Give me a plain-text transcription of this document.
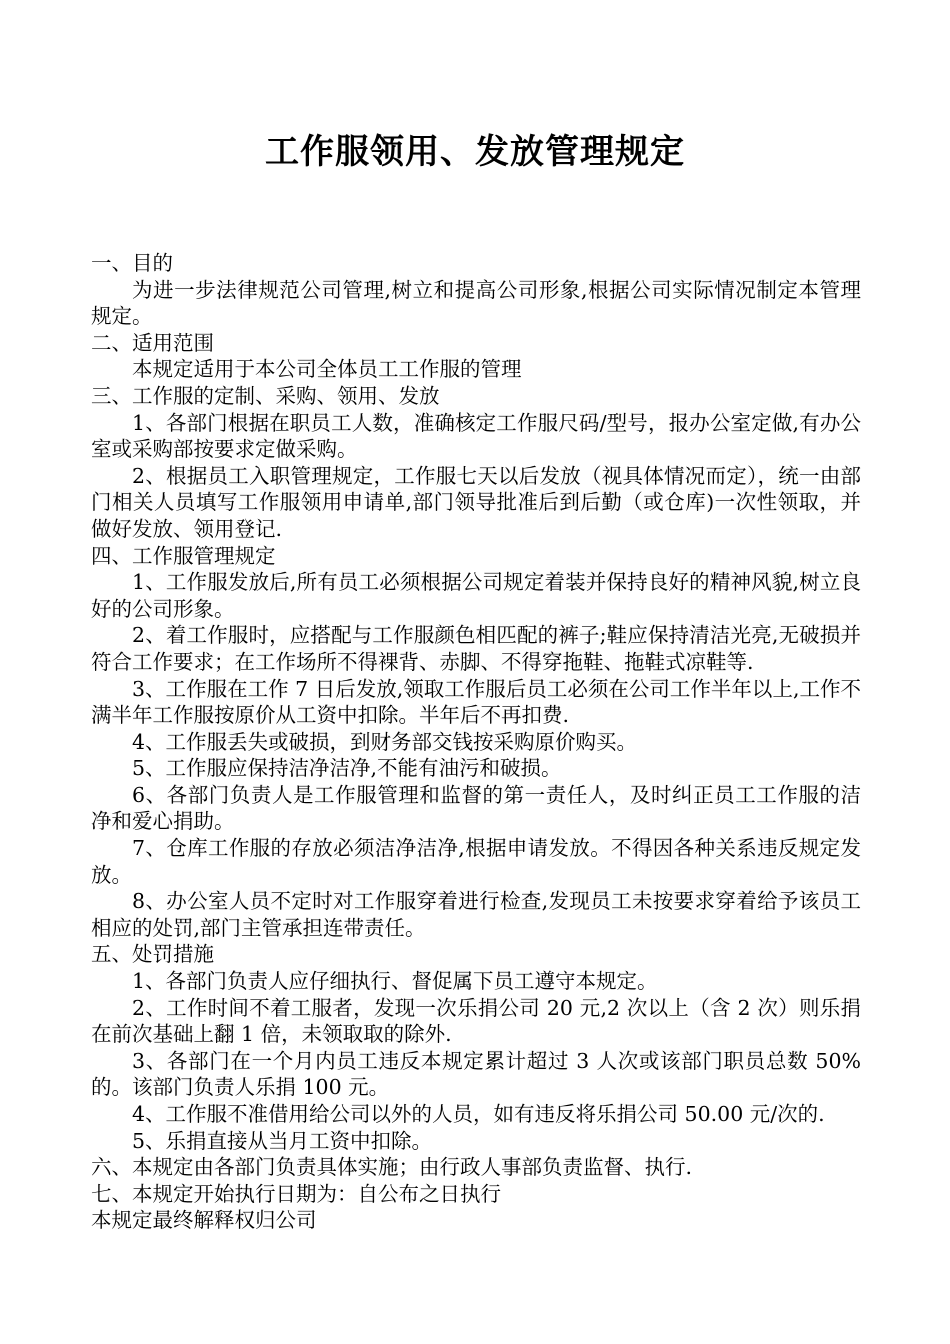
工作服领用、发放管理规定

一、目的

为进一步法律规范公司管理,树立和提高公司形象,根据公司实际情况制定本管理规定。

二、适用范围

本规定适用于本公司全体员工工作服的管理

三、工作服的定制、采购、领用、发放

1、各部门根据在职员工人数，准确核定工作服尺码/型号，报办公室定做,有办公室或采购部按要求定做采购。

2、根据员工入职管理规定，工作服七天以后发放（视具体情况而定），统一由部门相关人员填写工作服领用申请单,部门领导批准后到后勤（或仓库)一次性领取，并做好发放、领用登记.

四、工作服管理规定

1、工作服发放后,所有员工必须根据公司规定着装并保持良好的精神风貌,树立良好的公司形象。

2、着工作服时，应搭配与工作服颜色相匹配的裤子;鞋应保持清洁光亮,无破损并符合工作要求；在工作场所不得裸背、赤脚、不得穿拖鞋、拖鞋式凉鞋等.

3、工作服在工作 7 日后发放,领取工作服后员工必须在公司工作半年以上,工作不满半年工作服按原价从工资中扣除。半年后不再扣费.

4、工作服丢失或破损，到财务部交钱按采购原价购买。

5、工作服应保持洁净洁净,不能有油污和破损。

6、各部门负责人是工作服管理和监督的第一责任人，及时纠正员工工作服的洁净和爱心捐助。

7、仓库工作服的存放必须洁净洁净,根据申请发放。不得因各种关系违反规定发放。

8、办公室人员不定时对工作服穿着进行检查,发现员工未按要求穿着给予该员工相应的处罚,部门主管承担连带责任。

五、处罚措施

1、各部门负责人应仔细执行、督促属下员工遵守本规定。

2、工作时间不着工服者，发现一次乐捐公司 20 元,2 次以上（含 2 次）则乐捐在前次基础上翻 1 倍，未领取取的除外.

3、各部门在一个月内员工违反本规定累计超过 3 人次或该部门职员总数 50%的。该部门负责人乐捐 100 元。

4、工作服不准借用给公司以外的人员，如有违反将乐捐公司 50.00 元/次的.

5、乐捐直接从当月工资中扣除。

六、本规定由各部门负责具体实施；由行政人事部负责监督、执行.

七、本规定开始执行日期为：自公布之日执行

本规定最终解释权归公司
